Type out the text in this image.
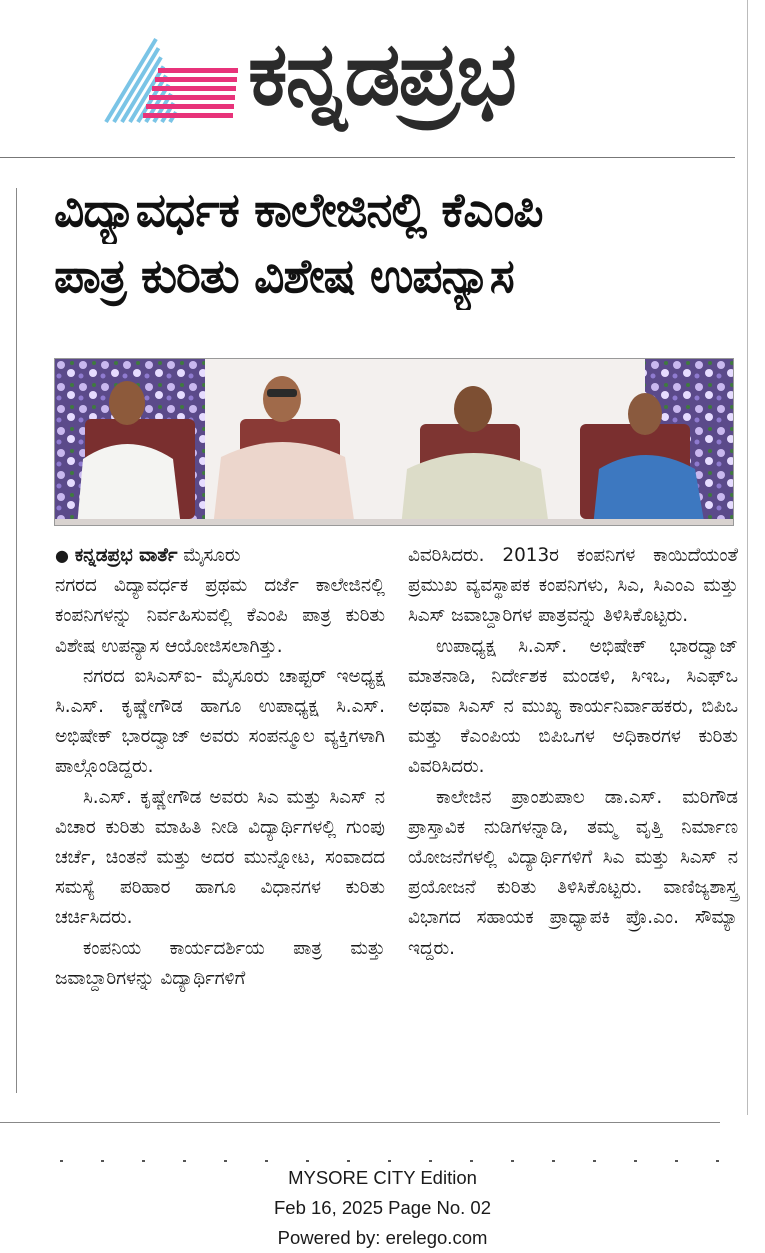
ಕನ್ನಡಪ್ರಭ
ವಿದ್ಯಾವರ್ಧಕ ಕಾಲೇಜಿನಲ್ಲಿ ಕೆಎಂಪಿ
ಪಾತ್ರ ಕುರಿತು ವಿಶೇಷ ಉಪನ್ಯಾಸ

● ಕನ್ನಡಪ್ರಭ ವಾರ್ತೆ ಮೈಸೂರು

ನಗರದ ವಿದ್ಯಾವರ್ಧಕ ಪ್ರಥಮ ದರ್ಜೆ ಕಾಲೇಜಿನಲ್ಲಿ ಕಂಪನಿಗಳನ್ನು ನಿರ್ವಹಿಸುವಲ್ಲಿ ಕೆಎಂಪಿ ಪಾತ್ರ ಕುರಿತು ವಿಶೇಷ ಉಪನ್ಯಾಸ ಆಯೋಜಿಸಲಾಗಿತ್ತು.

ನಗರದ ಐಸಿಎಸ್ಐ- ಮೈಸೂರು ಚಾಪ್ಟರ್ ಇಅಧ್ಯಕ್ಷ ಸಿ.ಎಸ್. ಕೃಷ್ಣೇಗೌಡ ಹಾಗೂ ಉಪಾಧ್ಯಕ್ಷ ಸಿ.ಎಸ್. ಅಭಿಷೇಕ್ ಭಾರದ್ವಾಜ್ ಅವರು ಸಂಪನ್ಮೂಲ ವ್ಯಕ್ತಿಗಳಾಗಿ ಪಾಲ್ಗೊಂಡಿದ್ದರು.

ಸಿ.ಎಸ್. ಕೃಷ್ಣೇಗೌಡ ಅವರು ಸಿಎ ಮತ್ತು ಸಿಎಸ್ ನ ವಿಚಾರ ಕುರಿತು ಮಾಹಿತಿ ನೀಡಿ ವಿದ್ಯಾರ್ಥಿಗಳಲ್ಲಿ ಗುಂಪು ಚರ್ಚೆ, ಚಿಂತನೆ ಮತ್ತು ಅದರ ಮುನ್ನೋಟ, ಸಂವಾದದ ಸಮಸ್ಯೆ ಪರಿಹಾರ ಹಾಗೂ ವಿಧಾನಗಳ ಕುರಿತು ಚರ್ಚಿಸಿದರು.

ಕಂಪನಿಯ ಕಾರ್ಯದರ್ಶಿಯ ಪಾತ್ರ ಮತ್ತು ಜವಾಬ್ದಾರಿಗಳನ್ನು ವಿದ್ಯಾರ್ಥಿಗಳಿಗೆ

ವಿವರಿಸಿದರು. 2013ರ ಕಂಪನಿಗಳ ಕಾಯಿದೆಯಂತೆ ಪ್ರಮುಖ ವ್ಯವಸ್ಥಾಪಕ ಕಂಪನಿಗಳು, ಸಿಎ, ಸಿಎಂಎ ಮತ್ತು ಸಿಎಸ್ ಜವಾಬ್ದಾರಿಗಳ ಪಾತ್ರವನ್ನು ತಿಳಿಸಿಕೊಟ್ಟರು.

ಉಪಾಧ್ಯಕ್ಷ ಸಿ.ಎಸ್. ಅಭಿಷೇಕ್ ಭಾರದ್ವಾಜ್ ಮಾತನಾಡಿ, ನಿರ್ದೇಶಕ ಮಂಡಳಿ, ಸಿಇಒ, ಸಿಎಫ್ಒ ಅಥವಾ ಸಿಎಸ್ ನ ಮುಖ್ಯ ಕಾರ್ಯನಿರ್ವಾಹಕರು, ಬಿಪಿಒ ಮತ್ತು ಕೆಎಂಪಿಯ ಬಿಪಿಒಗಳ ಅಧಿಕಾರಗಳ ಕುರಿತು ವಿವರಿಸಿದರು.

ಕಾಲೇಜಿನ ಪ್ರಾಂಶುಪಾಲ ಡಾ.ಎಸ್. ಮರಿಗೌಡ ಪ್ರಾಸ್ತಾವಿಕ ನುಡಿಗಳನ್ನಾಡಿ, ತಮ್ಮ ವೃತ್ತಿ ನಿರ್ಮಾಣ ಯೋಜನೆಗಳಲ್ಲಿ ವಿದ್ಯಾರ್ಥಿಗಳಿಗೆ ಸಿಎ ಮತ್ತು ಸಿಎಸ್ ನ ಪ್ರಯೋಜನೆ ಕುರಿತು ತಿಳಿಸಿಕೊಟ್ಟರು. ವಾಣಿಜ್ಯಶಾಸ್ತ್ರ ವಿಭಾಗದ ಸಹಾಯಕ ಪ್ರಾಧ್ಯಾಪಕಿ ಪ್ರೊ.ಎಂ. ಸೌಮ್ಯಾ ಇದ್ದರು.

MYSORE CITY Edition
Feb 16, 2025 Page No. 02
Powered by: erelego.com
